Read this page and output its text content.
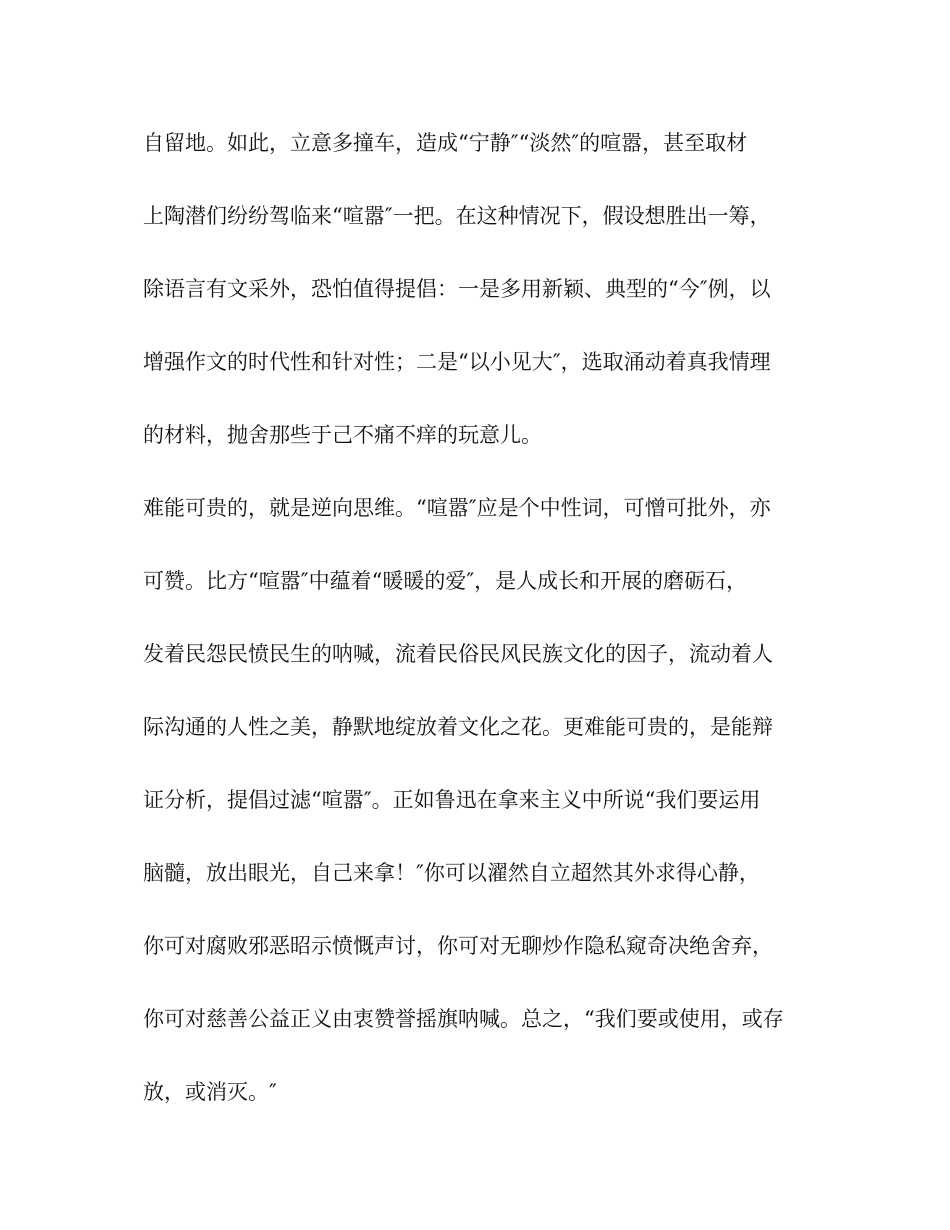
自留地。如此，立意多撞车，造成“宁静″“淡然″的喧嚣，甚至取材
上陶潜们纷纷驾临来“喧嚣″一把。在这种情况下，假设想胜出一筹，
除语言有文采外，恐怕值得提倡：一是多用新颖、典型的“今″例，以
增强作文的时代性和针对性；二是“以小见大″，选取涌动着真我情理
的材料，抛舍那些于己不痛不痒的玩意儿。
难能可贵的，就是逆向思维。“喧嚣″应是个中性词，可憎可批外，亦
可赞。比方“喧嚣″中蕴着“暖暖的爱″，是人成长和开展的磨砺石，
发着民怨民愤民生的呐喊，流着民俗民风民族文化的因子，流动着人
际沟通的人性之美，静默地绽放着文化之花。更难能可贵的，是能辩
证分析，提倡过滤“喧嚣″。正如鲁迅在拿来主义中所说“我们要运用
脑髓，放出眼光，自己来拿！″你可以濯然自立超然其外求得心静，
你可对腐败邪恶昭示愤慨声讨，你可对无聊炒作隐私窥奇决绝舍弃，
你可对慈善公益正义由衷赞誉摇旗呐喊。总之，“我们要或使用，或存
放，或消灭。″
